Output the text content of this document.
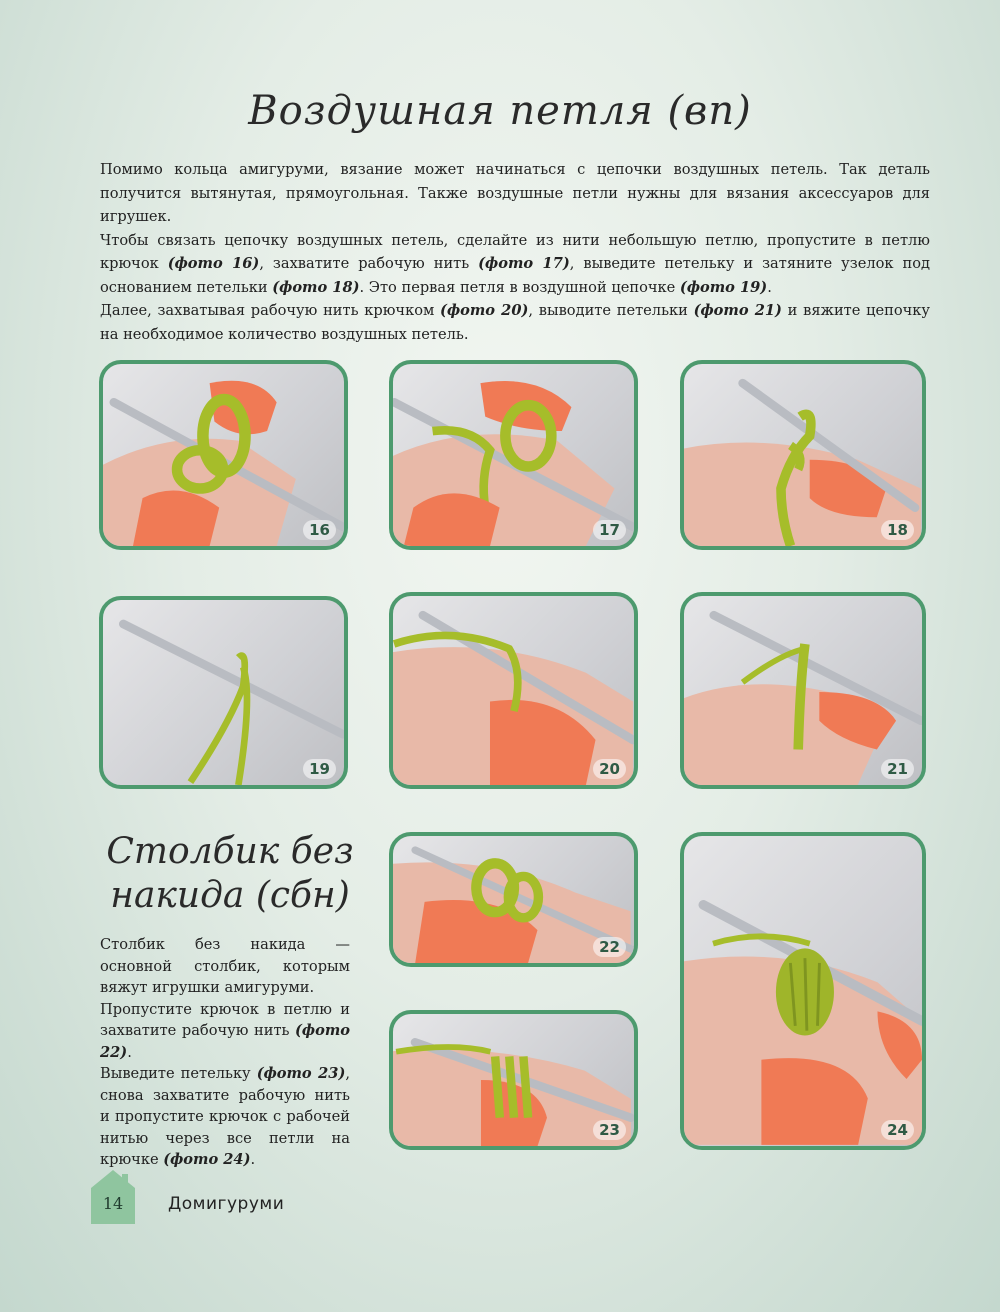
Воздушная петля (вп)

Помимо кольца амигуруми, вязание может начинаться с цепочки воздушных петель. Так деталь получится вытянутая, прямоугольная. Также воздушные петли нужны для вязания аксессуаров для игрушек.

Чтобы связать цепочку воздушных петель, сделайте из нити небольшую петлю, пропустите в петлю крючок (фото 16), захватите рабочую нить (фото 17), выведите петельку и затяните узелок под основанием петельки (фото 18). Это первая петля в воздушной цепочке (фото 19).

Далее, захватывая рабочую нить крючком (фото 20), выводите петельки (фото 21) и вяжите цепочку на необходимое количество воздушных петель.

16	17	18
19	20	21
22
23	24
Столбик без
накида (сбн)

Столбик без накида — основной столбик, которым вяжут игрушки амигуруми.

Пропустите крючок в петлю и захватите рабочую нить (фото 22).

Выведите петельку (фото 23), снова захватите рабочую нить и пропустите крючок с рабочей нитью через все петли на крючке (фото 24).

14	Домигуруми
